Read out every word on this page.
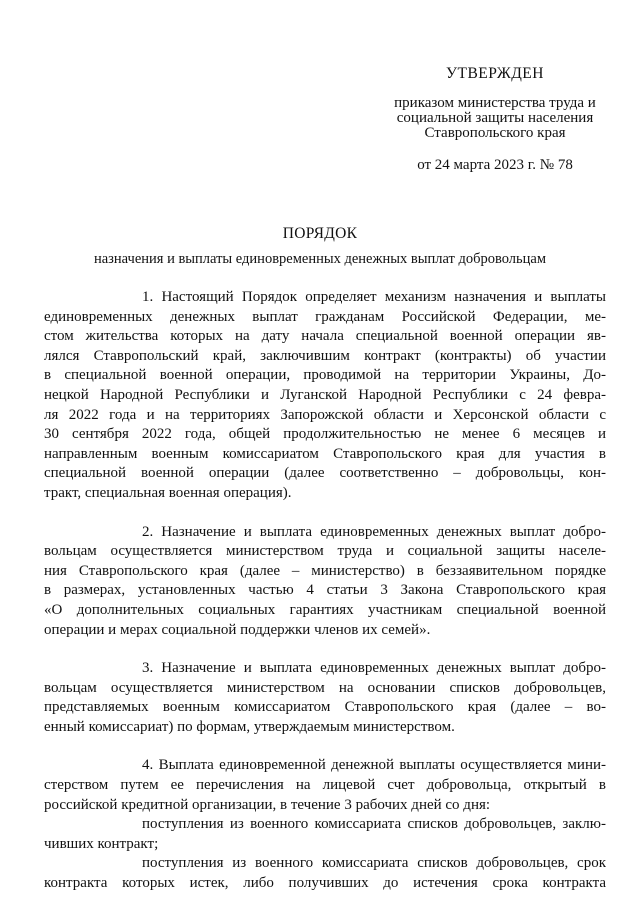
УТВЕРЖДЕН
приказом министерства труда и
социальной защиты населения
Ставропольского края
от 24 марта 2023 г. № 78
ПОРЯДОК
назначения и выплаты единовременных денежных выплат добровольцам
1. Настоящий Порядок определяет механизм назначения и выплаты
единовременных денежных выплат гражданам Российской Федерации, ме-
стом жительства которых на дату начала специальной военной операции яв-
лялся Ставропольский край, заключившим контракт (контракты) об участии
в специальной военной операции, проводимой на территории Украины, До-
нецкой Народной Республики и Луганской Народной Республики с 24 февра-
ля 2022 года и на территориях Запорожской области и Херсонской области с
30 сентября 2022 года, общей продолжительностью не менее 6 месяцев и
направленным военным комиссариатом Ставропольского края для участия в
специальной военной операции (далее соответственно – добровольцы, кон-
тракт, специальная военная операция).
2. Назначение и выплата единовременных денежных выплат добро-
вольцам осуществляется министерством труда и социальной защиты населе-
ния Ставропольского края (далее – министерство) в беззаявительном порядке
в размерах, установленных частью 4 статьи 3 Закона Ставропольского края
«О дополнительных социальных гарантиях участникам специальной военной
операции и мерах социальной поддержки членов их семей».
3. Назначение и выплата единовременных денежных выплат добро-
вольцам осуществляется министерством на основании списков добровольцев,
представляемых военным комиссариатом Ставропольского края (далее – во-
енный комиссариат) по формам, утверждаемым министерством.
4. Выплата единовременной денежной выплаты осуществляется мини-
стерством путем ее перечисления на лицевой счет добровольца, открытый в
российской кредитной организации, в течение 3 рабочих дней со дня:
поступления из военного комиссариата списков добровольцев, заклю-
чивших контракт;
поступления из военного комиссариата списков добровольцев, срок
контракта которых истек, либо получивших до истечения срока контракта
